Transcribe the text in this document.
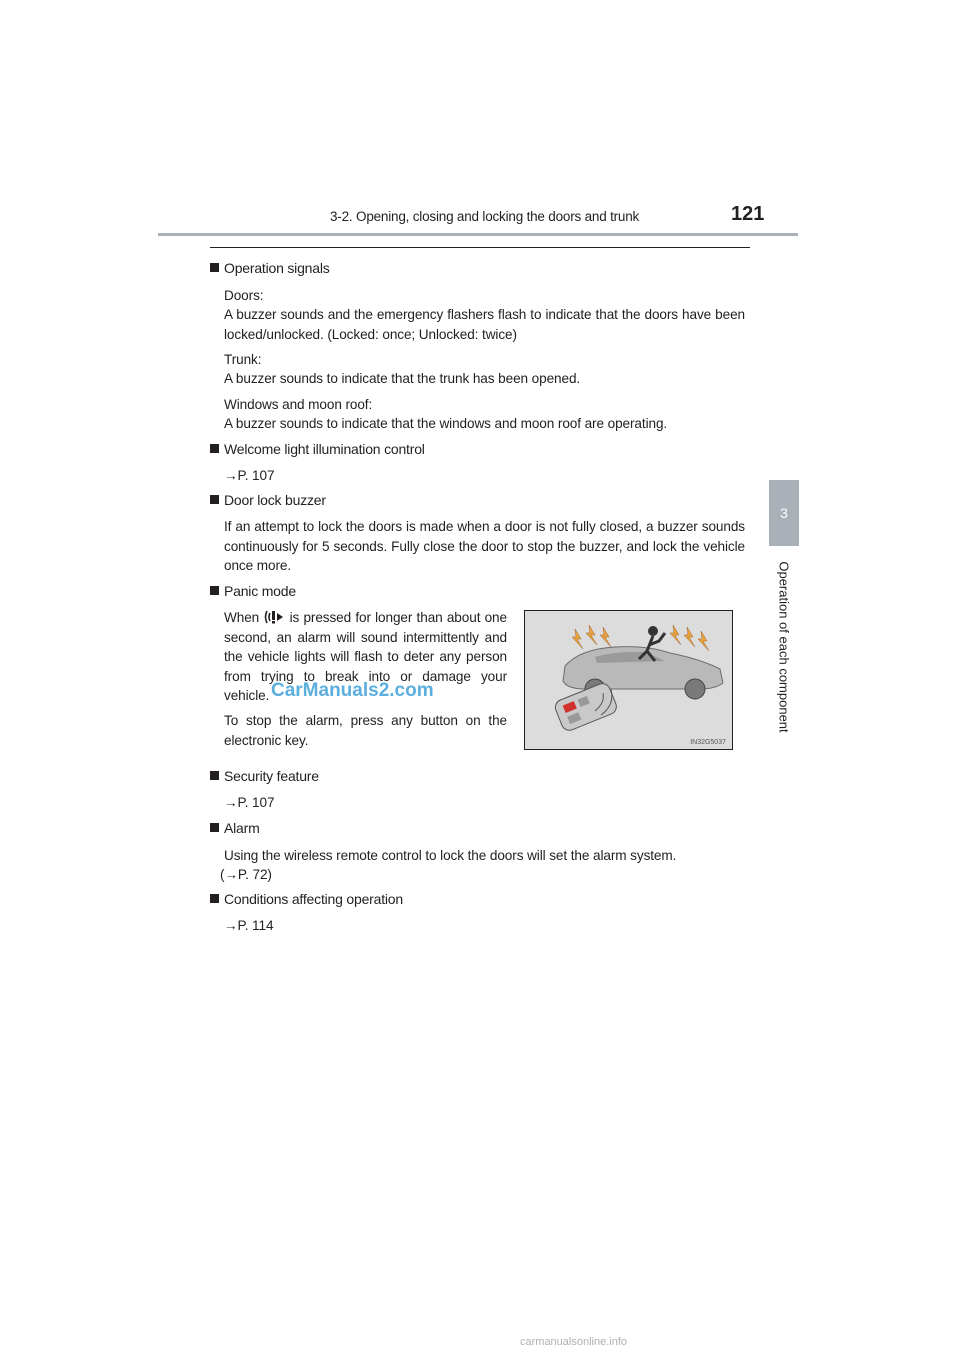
3-2. Opening, closing and locking the doors and trunk	121
3
Operation of each component
Operation signals
Doors:
A buzzer sounds and the emergency flashers flash to indicate that the doors have been locked/unlocked. (Locked: once; Unlocked: twice)
Trunk:
A buzzer sounds to indicate that the trunk has been opened.
Windows and moon roof:
A buzzer sounds to indicate that the windows and moon roof are operating.
Welcome light illumination control
→P. 107
Door lock buzzer
If an attempt to lock the doors is made when a door is not fully closed, a buzzer sounds continuously for 5 seconds. Fully close the door to stop the buzzer, and lock the vehicle once more.
Panic mode
When is pressed for longer than about one second, an alarm will sound intermittently and the vehicle lights will flash to deter any person from trying to break into or damage your vehicle.
To stop the alarm, press any button on the electronic key.	IN32G5037
CarManuals2.com
Security feature
→P. 107
Alarm
Using the wireless remote control to lock the doors will set the alarm system.
(→P. 72)
Conditions affecting operation
→P. 114
carmanualsonline.info
